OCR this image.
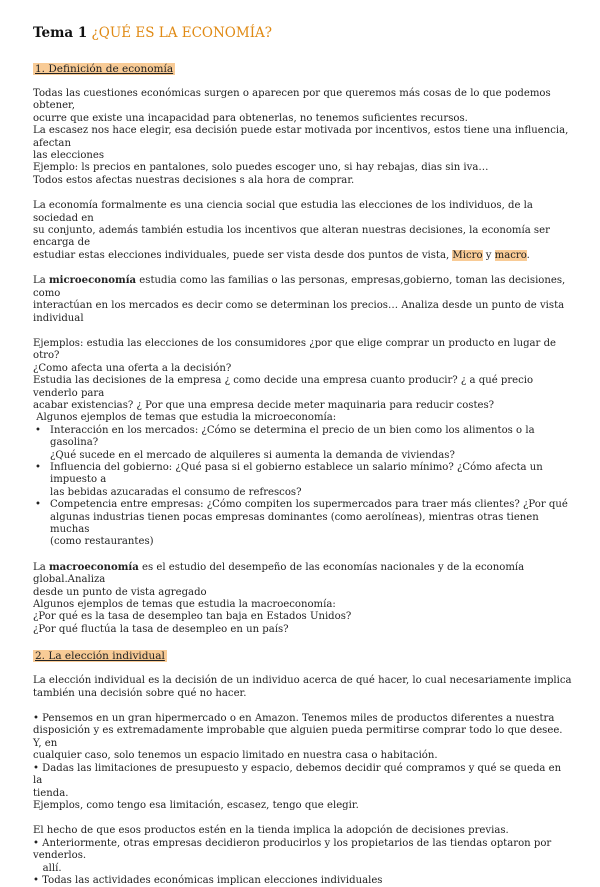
Tema 1 ¿QUÉ ES LA ECONOMÍA?
1. Definición de economía

Todas las cuestiones económicas surgen o aparecen por que queremos más cosas de lo que podemos obtener,

ocurre que existe una incapacidad para obtenerlas, no tenemos suficientes recursos.

La escasez nos hace elegir, esa decisión puede estar motivada por incentivos, estos tiene una influencia, afectan

las elecciones

Ejemplo: ls precios en pantalones, solo puedes escoger uno, si hay rebajas, dias sin iva…

Todos estos afectas nuestras decisiones s ala hora de comprar.

La economía formalmente es una ciencia social que estudia las elecciones de los individuos, de la sociedad en

su conjunto, además también estudia los incentivos que alteran nuestras decisiones, la economía ser encarga de

estudiar estas elecciones individuales, puede ser vista desde dos puntos de vista, Micro y macro.

La microeconomía estudia como las familias o las personas, empresas,gobierno, toman las decisiones, como

interactúan en los mercados es decir como se determinan los precios… Analiza desde un punto de vista

individual

Ejemplos: estudia las elecciones de los consumidores ¿por que elige comprar un producto en lugar de otro?

¿Como afecta una oferta a la decisión?

Estudia las decisiones de la empresa ¿ como decide una empresa cuanto producir? ¿ a qué precio venderlo para

acabar existencias? ¿ Por que una empresa decide meter maquinaria para reducir costes?

Algunos ejemplos de temas que estudia la microeconomía:

• Interacción en los mercados: ¿Cómo se determina el precio de un bien como los alimentos o la gasolina?
¿Qué sucede en el mercado de alquileres si aumenta la demanda de viviendas?
• Influencia del gobierno: ¿Qué pasa si el gobierno establece un salario mínimo? ¿Cómo afecta un impuesto a
las bebidas azucaradas el consumo de refrescos?
• Competencia entre empresas: ¿Cómo compiten los supermercados para traer más clientes? ¿Por qué
algunas industrias tienen pocas empresas dominantes (como aerolíneas), mientras otras tienen muchas
(como restaurantes)

La macroeconomía es el estudio del desempeño de las economías nacionales y de la economía global.Analiza

desde un punto de vista agregado

Algunos ejemplos de temas que estudia la macroeconomía:

¿Por qué es la tasa de desempleo tan baja en Estados Unidos?

¿Por qué fluctúa la tasa de desempleo en un país?

2. La elección individual

La elección individual es la decisión de un individuo acerca de qué hacer, lo cual necesariamente implica

también una decisión sobre qué no hacer.

• Pensemos en un gran hipermercado o en Amazon. Tenemos miles de productos diferentes a nuestra

disposición y es extremadamente improbable que alguien pueda permitirse comprar todo lo que desee. Y, en

cualquier caso, solo tenemos un espacio limitado en nuestra casa o habitación.

• Dadas las limitaciones de presupuesto y espacio, debemos decidir qué compramos y qué se queda en la

tienda.

Ejemplos, como tengo esa limitación, escasez, tengo que elegir.

El hecho de que esos productos estén en la tienda implica la adopción de decisiones previas.

• Anteriormente, otras empresas decidieron producirlos y los propietarios de las tiendas optaron por venderlos.

allí.

• Todas las actividades económicas implican elecciones individuales
